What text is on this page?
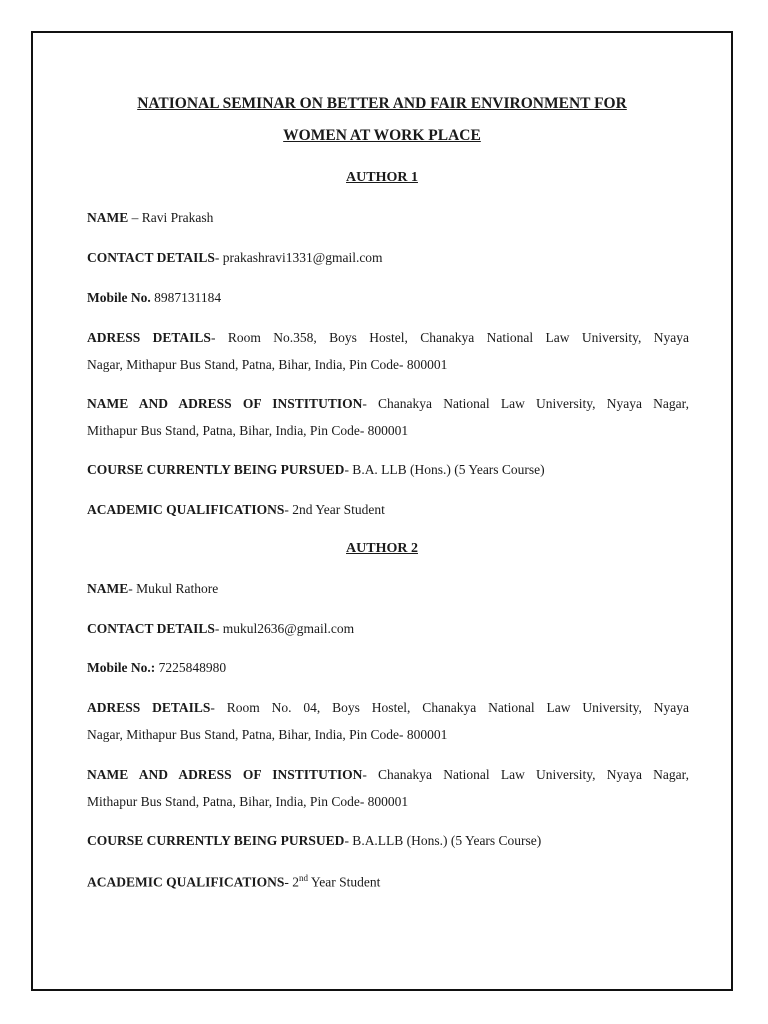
NATIONAL SEMINAR ON BETTER AND FAIR ENVIRONMENT FOR
WOMEN AT WORK PLACE
AUTHOR 1
NAME – Ravi Prakash
CONTACT DETAILS- prakashravi1331@gmail.com
Mobile No. 8987131184
ADRESS DETAILS- Room No.358, Boys Hostel, Chanakya National Law University, Nyaya
Nagar, Mithapur Bus Stand, Patna, Bihar, India, Pin Code- 800001
NAME AND ADRESS OF INSTITUTION- Chanakya National Law University, Nyaya Nagar,
Mithapur Bus Stand, Patna, Bihar, India, Pin Code- 800001
COURSE CURRENTLY BEING PURSUED- B.A. LLB (Hons.) (5 Years Course)
ACADEMIC QUALIFICATIONS- 2nd Year Student
AUTHOR 2
NAME- Mukul Rathore
CONTACT DETAILS- mukul2636@gmail.com
Mobile No.: 7225848980
ADRESS DETAILS- Room No. 04, Boys Hostel, Chanakya National Law University, Nyaya
Nagar, Mithapur Bus Stand, Patna, Bihar, India, Pin Code- 800001
NAME AND ADRESS OF INSTITUTION- Chanakya National Law University, Nyaya Nagar,
Mithapur Bus Stand, Patna, Bihar, India, Pin Code- 800001
COURSE CURRENTLY BEING PURSUED- B.A.LLB (Hons.) (5 Years Course)
ACADEMIC QUALIFICATIONS- 2nd Year Student
